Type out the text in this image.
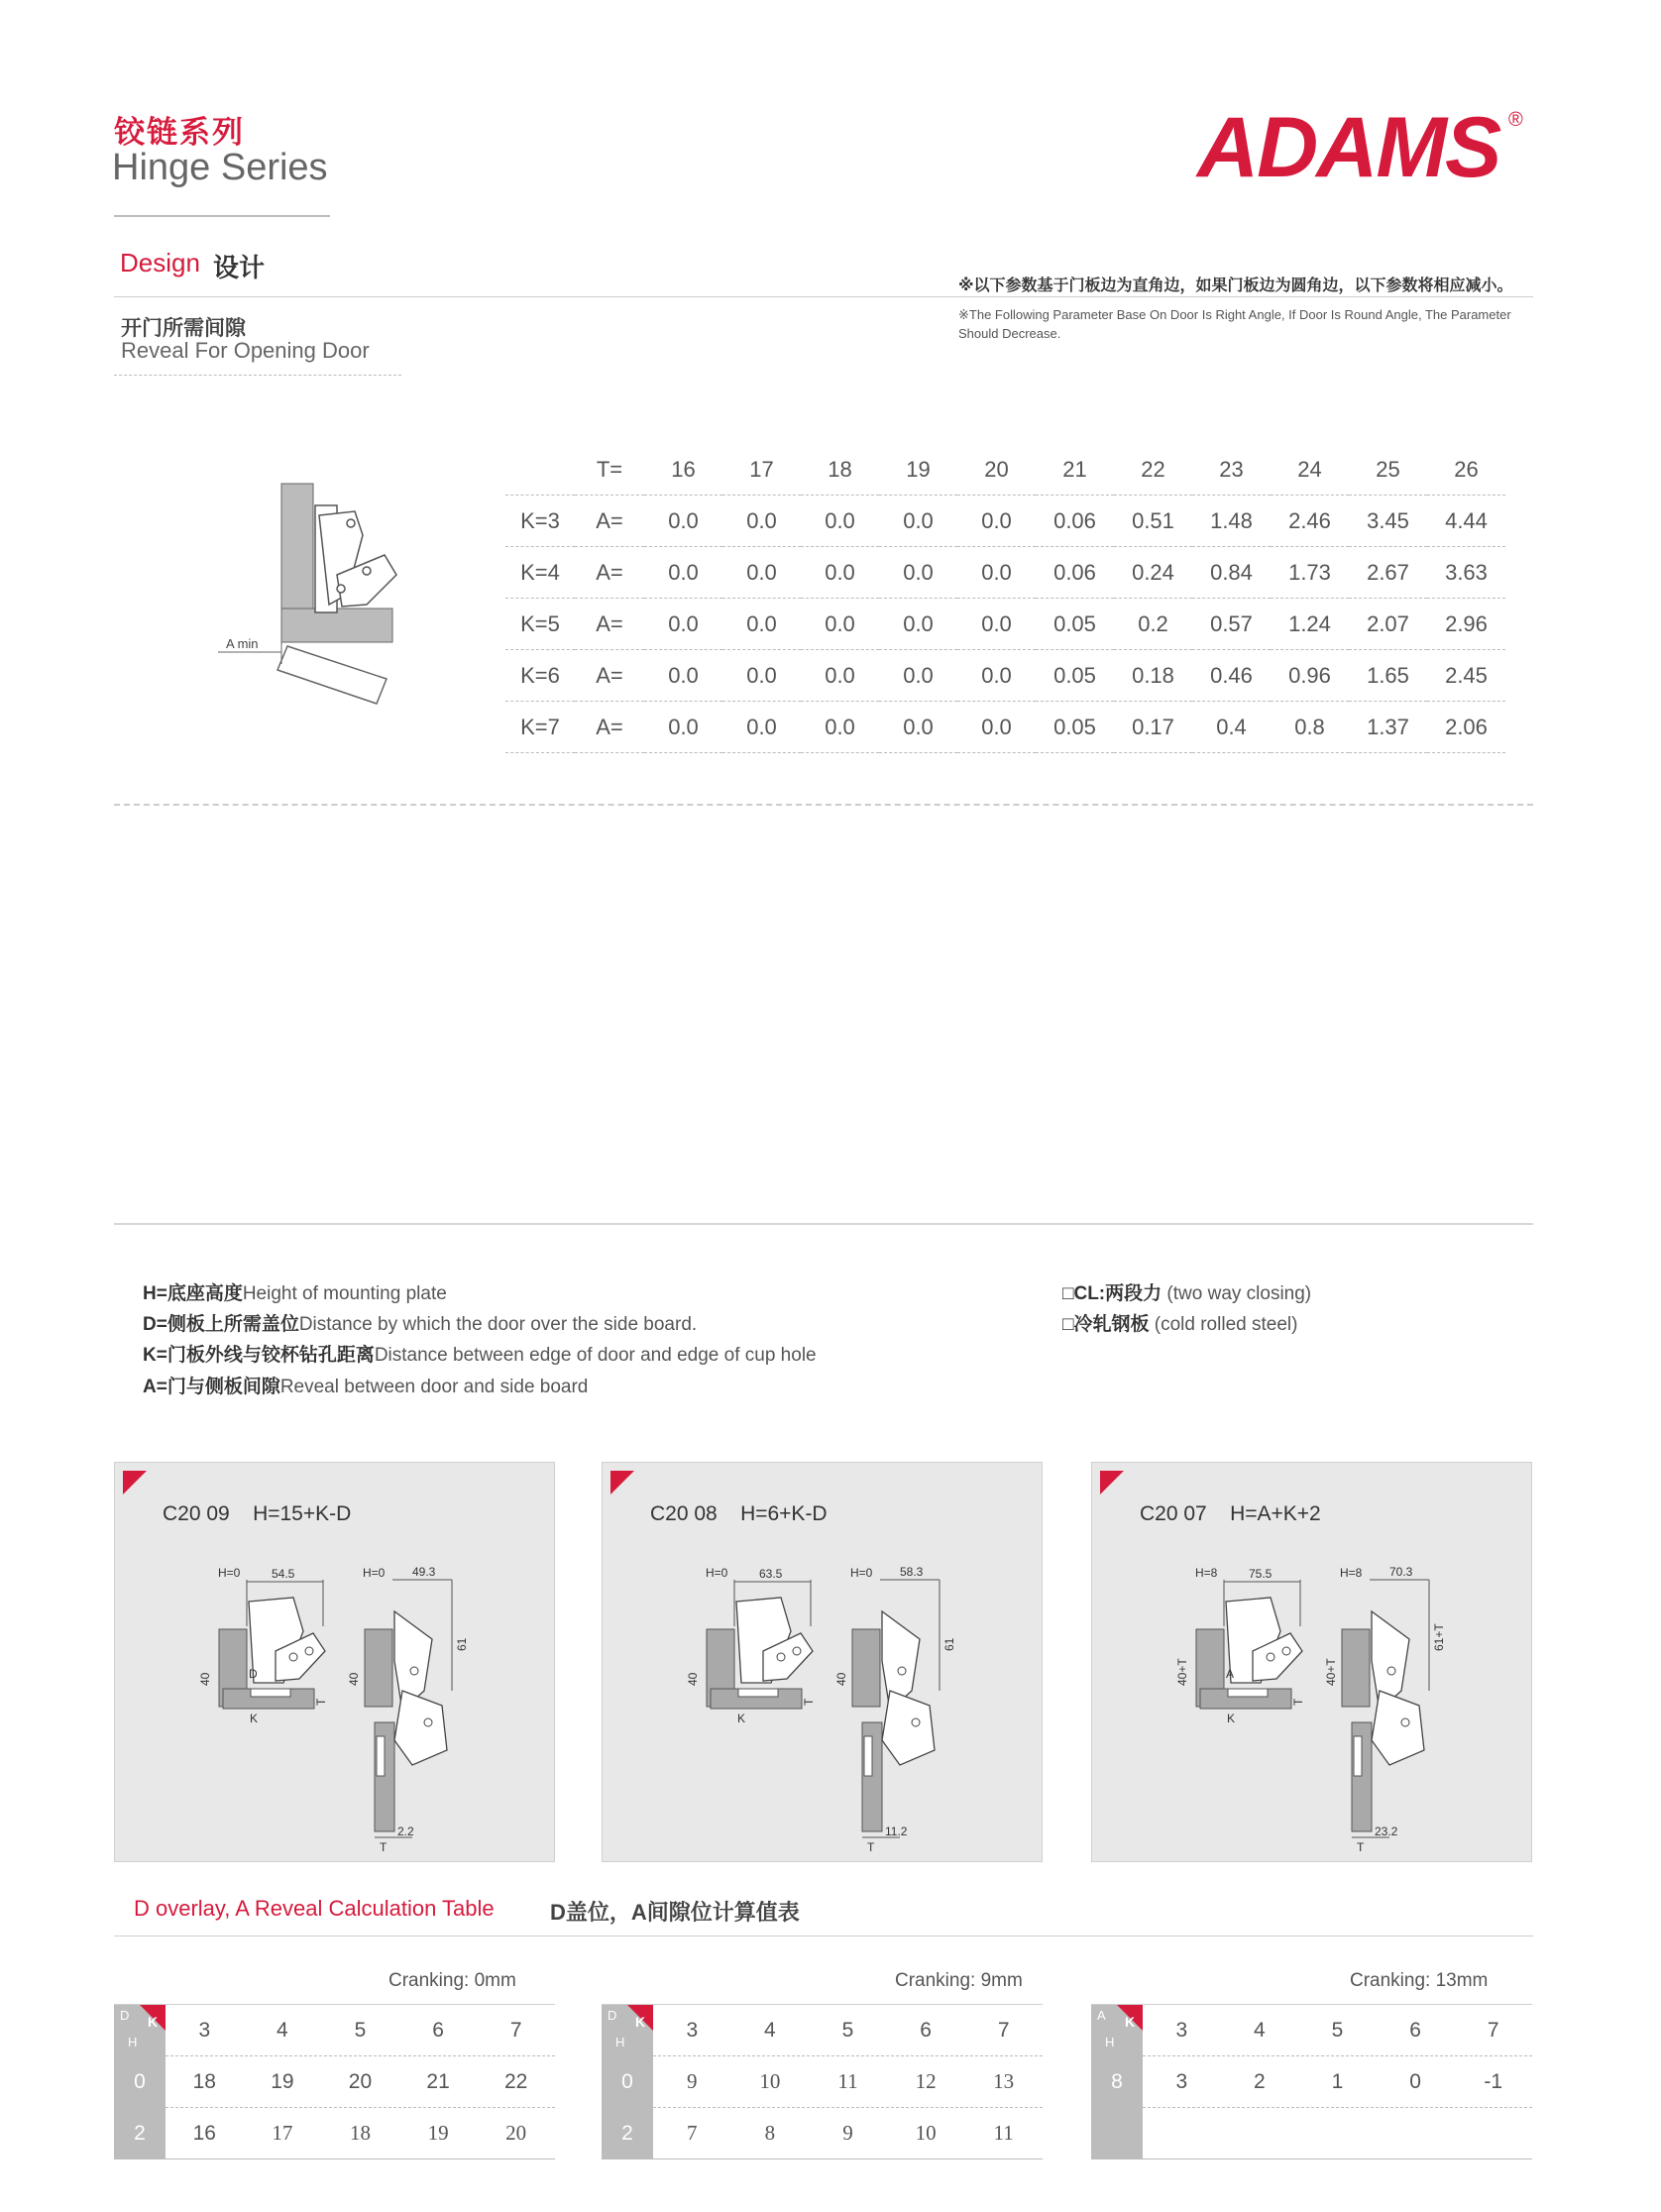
铰链系列
Hinge Series	ADAMS ®
Design 设计
※以下参数基于门板边为直角边，如果门板边为圆角边，以下参数将相应减小。
※The Following Parameter Base On Door Is Right Angle, If Door Is Round Angle, The Parameter Should Decrease.
开门所需间隙
Reveal For Opening Door
A min
	T=	16	17	18	19	20	21	22	23	24	25	26
K=3	A=	0.0	0.0	0.0	0.0	0.0	0.06	0.51	1.48	2.46	3.45	4.44
K=4	A=	0.0	0.0	0.0	0.0	0.0	0.06	0.24	0.84	1.73	2.67	3.63
K=5	A=	0.0	0.0	0.0	0.0	0.0	0.05	0.2	0.57	1.24	2.07	2.96
K=6	A=	0.0	0.0	0.0	0.0	0.0	0.05	0.18	0.46	0.96	1.65	2.45
K=7	A=	0.0	0.0	0.0	0.0	0.0	0.05	0.17	0.4	0.8	1.37	2.06
H=底座高度Height of mounting plate
D=侧板上所需盖位Distance by which the door over the side board.
K=门板外线与铰杯钻孔距离Distance between edge of door and edge of cup hole
A=门与侧板间隙Reveal between door and side board
□CL:两段力 (two way closing)
□冷轧钢板 (cold rolled steel)
C20 09 H=15+K-D
H=0	54.5
40	D
K
T
H=0 49.3
40
61
2.2
T
C20 08 H=6+K-D
H=0	63.5
40
K
T
H=0 58.3
40
61
11.2
T
C20 07 H=A+K+2
H=8	75.5
40+T	A
K
T
H=8 70.3
40+T
61+T
23.2
T
D overlay, A Reveal Calculation Table	D盖位，A间隙位计算值表
Cranking: 0mm	Cranking: 9mm	Cranking: 13mm
D K
H
3	4	5	6	7
0	18	19	20	21	22
2	16	17	18	19	20
D K
H
3	4	5	6	7
0	9	10	11	12	13
2	7	8	9	10	11
A K
H
3	4	5	6	7
8	3	2	1	0	-1
